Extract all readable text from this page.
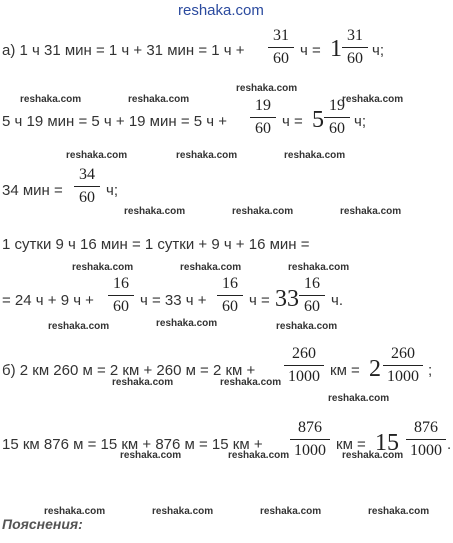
reshaka.com
а) 1 ч 31 мин = 1 ч + 31 мин = 1 ч +
31
60 ч = 1
31
60 ч;
5 ч 19 мин = 5 ч + 19 мин = 5 ч +
19
60 ч = 5
19
60 ч;
34 мин =
34
60 ч;
1 сутки 9 ч 16 мин = 1 сутки + 9 ч + 16 мин =
= 24 ч + 9 ч +
16
60 ч = 33 ч +
16
60 ч = 33
16
60 ч.
б) 2 км 260 м = 2 км + 260 м = 2 км +
260
1000 км = 2
260
1000 ;
15 км 876 м = 15 км + 876 м = 15 км +
876
1000 км = 15
876
1000 .
reshaka.com
reshaka.com	reshaka.com	reshaka.com
reshaka.com	reshaka.com	reshaka.com
reshaka.com	reshaka.com	reshaka.com
reshaka.com	reshaka.com	reshaka.com
reshaka.com	reshaka.com	reshaka.com
reshaka.com	reshaka.com
reshaka.com
reshaka.com	reshaka.com	reshaka.com
reshaka.com	reshaka.com	reshaka.com	reshaka.com
Пояснения:
